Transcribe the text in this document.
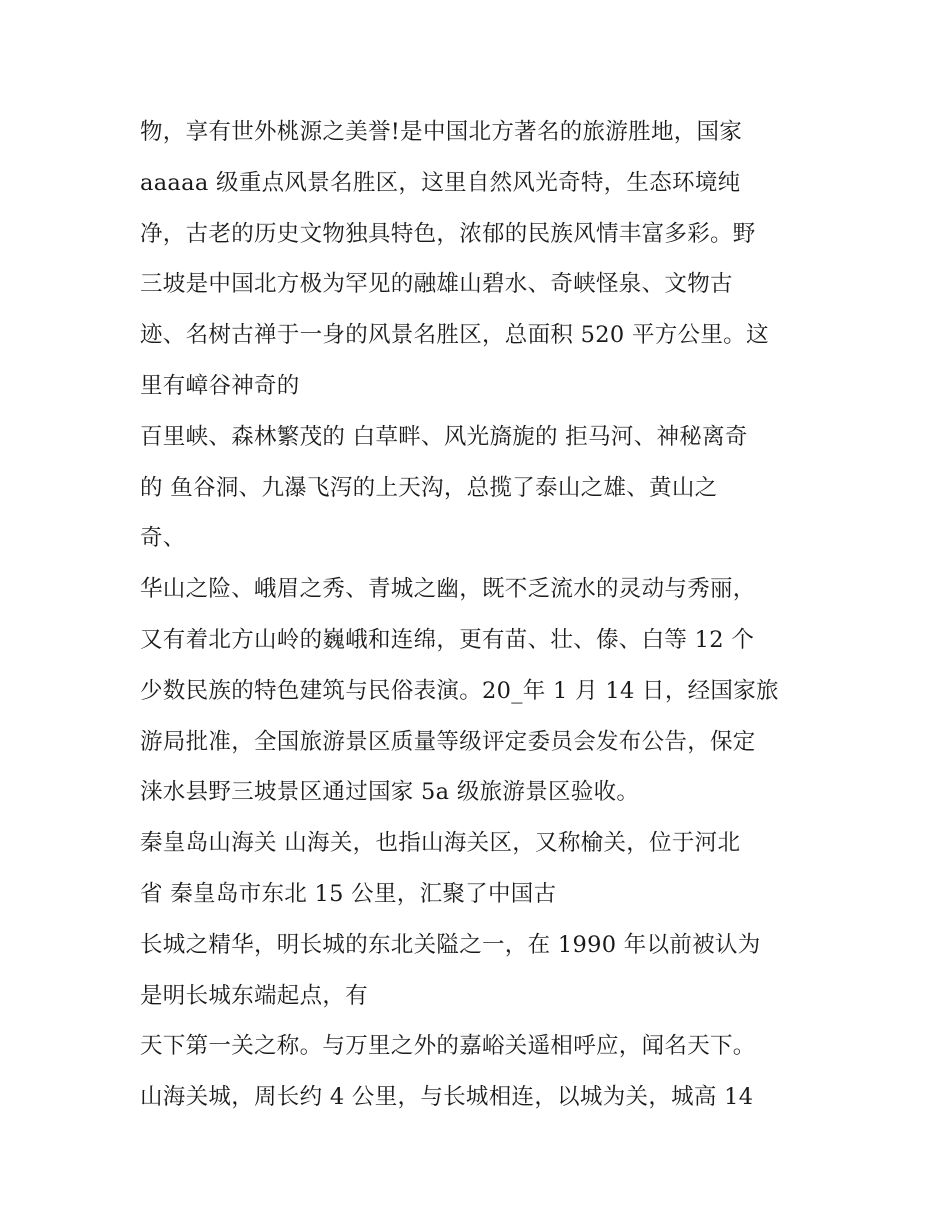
物，享有世外桃源之美誉!是中国北方著名的旅游胜地，国家
aaaaa 级重点风景名胜区，这里自然风光奇特，生态环境纯
净，古老的历史文物独具特色，浓郁的民族风情丰富多彩。野
三坡是中国北方极为罕见的融雄山碧水、奇峡怪泉、文物古
迹、名树古禅于一身的风景名胜区，总面积 520 平方公里。这
里有嶂谷神奇的
百里峡、森林繁茂的 白草畔、风光旖旎的 拒马河、神秘离奇
的 鱼谷洞、九瀑飞泻的上天沟，总揽了泰山之雄、黄山之
奇、
华山之险、峨眉之秀、青城之幽，既不乏流水的灵动与秀丽，
又有着北方山岭的巍峨和连绵，更有苗、壮、傣、白等 12 个
少数民族的特色建筑与民俗表演。20_年 1 月 14 日，经国家旅
游局批准，全国旅游景区质量等级评定委员会发布公告，保定
涞水县野三坡景区通过国家 5a 级旅游景区验收。
秦皇岛山海关 山海关，也指山海关区，又称榆关，位于河北
省 秦皇岛市东北 15 公里，汇聚了中国古
长城之精华，明长城的东北关隘之一，在 1990 年以前被认为
是明长城东端起点，有
天下第一关之称。与万里之外的嘉峪关遥相呼应，闻名天下。
山海关城，周长约 4 公里，与长城相连，以城为关，城高 14
